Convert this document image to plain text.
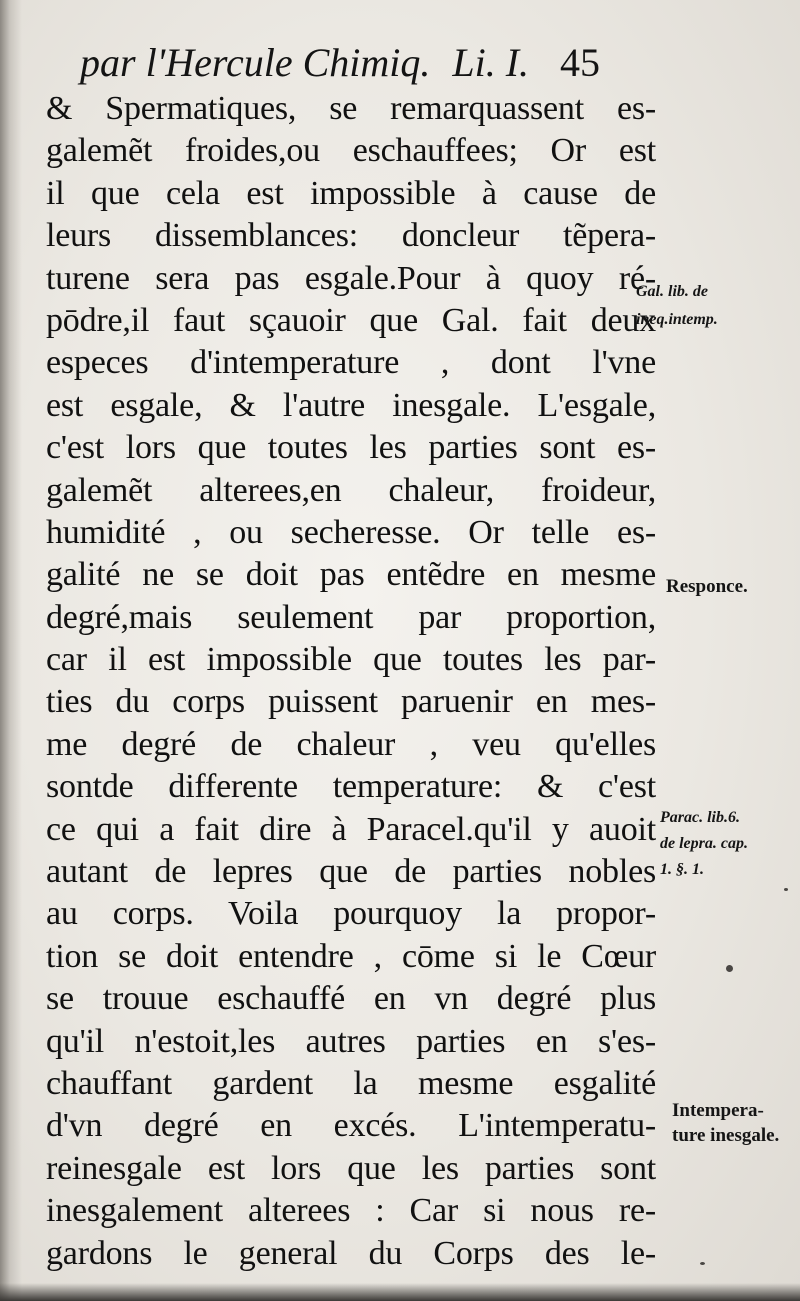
par l'Hercule Chimiq. Li. I. 45
& Spermatiques, se remarquassent es-
galemẽt froides,ou eschauffees; Or est
il que cela est impossible à cause de
leurs dissemblances: doncleur tẽpera-
turene sera pas esgale.Pour à quoy ré-
pōdre,il faut sçauoir que Gal. fait deux
especes d'intemperature , dont l'vne
est esgale, & l'autre inesgale. L'esgale,
c'est lors que toutes les parties sont es-
galemẽt alterees,en chaleur, froideur,
humidité , ou secheresse. Or telle es-
galité ne se doit pas entẽdre en mesme
degré,mais seulement par proportion,
car il est impossible que toutes les par-
ties du corps puissent paruenir en mes-
me degré de chaleur , veu qu'elles
sontde differente temperature: & c'est
ce qui a fait dire à Paracel.qu'il y auoit
autant de lepres que de parties nobles
au corps. Voila pourquoy la propor-
tion se doit entendre , cōme si le Cœur
se trouue eschauffé en vn degré plus
qu'il n'estoit,les autres parties en s'es-
chauffant gardent la mesme esgalité
d'vn degré en excés. L'intemperatu-
reinesgale est lors que les parties sont
inesgalement alterees : Car si nous re-
gardons le general du Corps des le-
Gal. lib. de
ineq.intemp.
Responce.
Parac. lib.6.
de lepra. cap.
1. §. 1.
Intempera-
ture inesgale.
